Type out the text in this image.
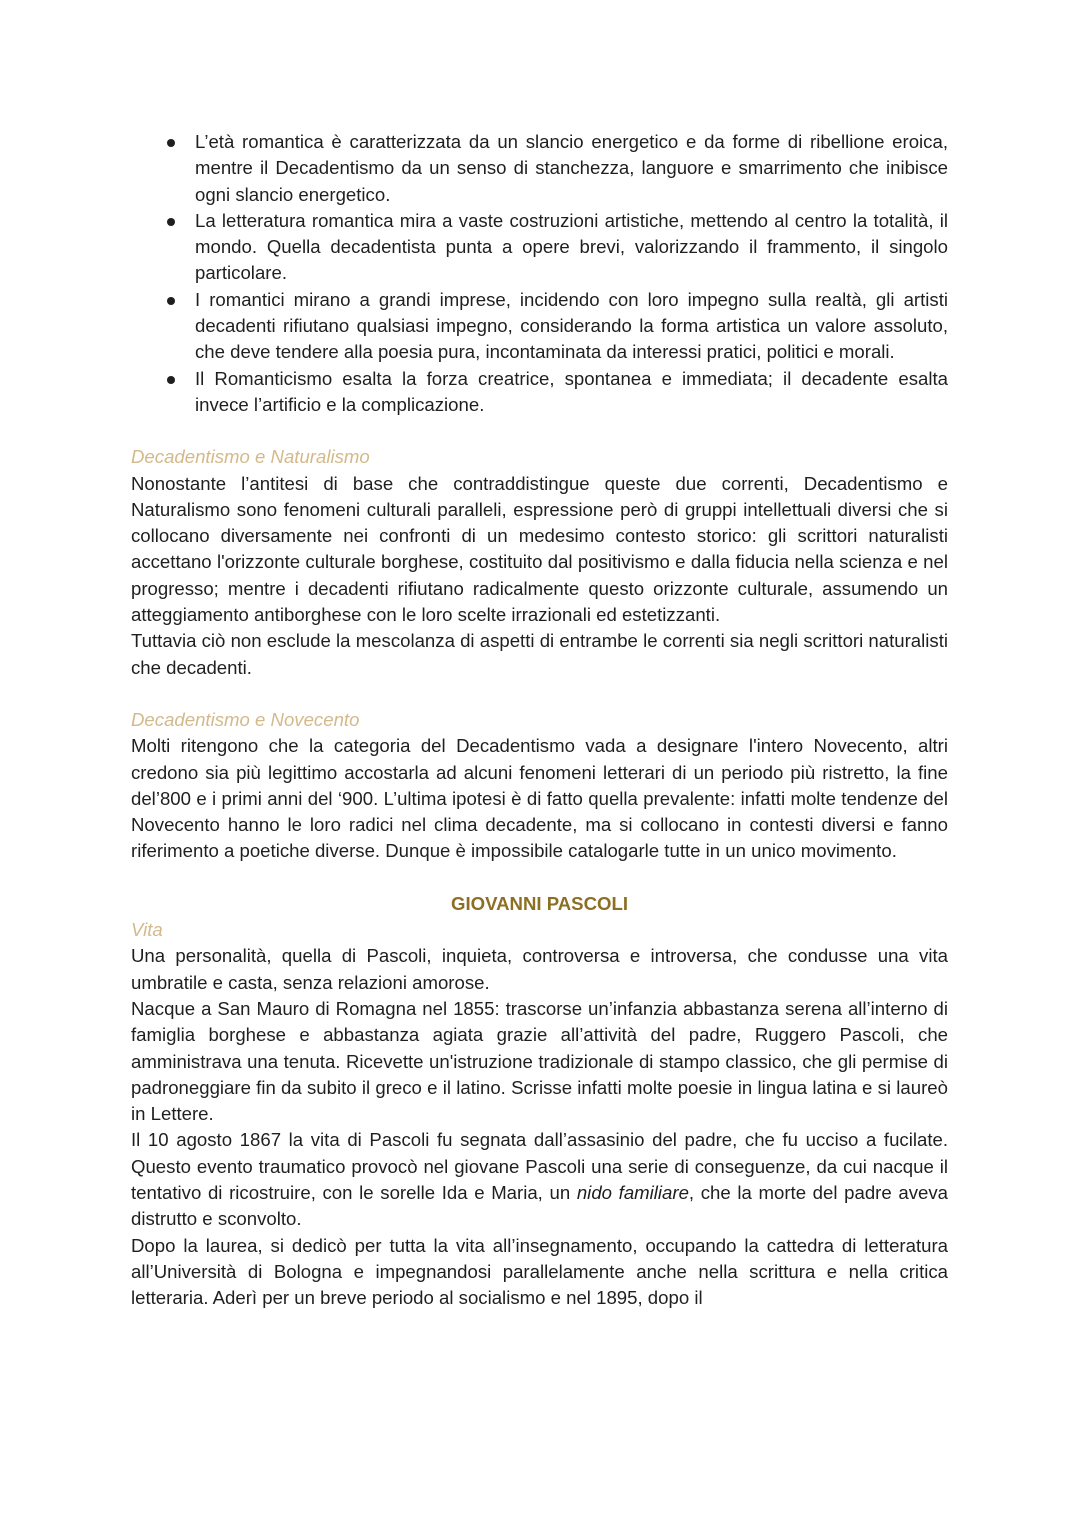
L’età romantica è caratterizzata da un slancio energetico e da forme di ribellione eroica, mentre il Decadentismo da un senso di stanchezza, languore e smarrimento che inibisce ogni slancio energetico.
La letteratura romantica mira a vaste costruzioni artistiche, mettendo al centro la totalità, il mondo. Quella decadentista punta a opere brevi, valorizzando il frammento, il singolo particolare.
I romantici mirano a grandi imprese, incidendo con loro impegno sulla realtà, gli artisti decadenti rifiutano qualsiasi impegno, considerando la forma artistica un valore assoluto, che deve tendere alla poesia pura, incontaminata da interessi pratici, politici e morali.
Il Romanticismo esalta la forza creatrice, spontanea e immediata; il decadente esalta invece l’artificio e la complicazione.

Decadentismo e Naturalismo

Nonostante l’antitesi di base che contraddistingue queste due correnti, Decadentismo e Naturalismo sono fenomeni culturali paralleli, espressione però di gruppi intellettuali diversi che si collocano diversamente nei confronti di un medesimo contesto storico: gli scrittori naturalisti accettano l'orizzonte culturale borghese, costituito dal positivismo e dalla fiducia nella scienza e nel progresso; mentre i decadenti rifiutano radicalmente questo orizzonte culturale, assumendo un atteggiamento antiborghese con le loro scelte irrazionali ed estetizzanti.

Tuttavia ciò non esclude la mescolanza di aspetti di entrambe le correnti sia negli scrittori naturalisti che decadenti.

Decadentismo e Novecento

Molti ritengono che la categoria del Decadentismo vada a designare l'intero Novecento, altri credono sia più legittimo accostarla ad alcuni fenomeni letterari di un periodo più ristretto, la fine del’800 e i primi anni del ‘900. L’ultima ipotesi è di fatto quella prevalente: infatti molte tendenze del Novecento hanno le loro radici nel clima decadente, ma si collocano in contesti diversi e fanno riferimento a poetiche diverse. Dunque è impossibile catalogarle tutte in un unico movimento.

GIOVANNI PASCOLI

Vita

Una personalità, quella di Pascoli, inquieta, controversa e introversa, che condusse una vita umbratile e casta, senza relazioni amorose.

Nacque a San Mauro di Romagna nel 1855: trascorse un’infanzia abbastanza serena all’interno di famiglia borghese e abbastanza agiata grazie all’attività del padre, Ruggero Pascoli, che amministrava una tenuta. Ricevette un'istruzione tradizionale di stampo classico, che gli permise di padroneggiare fin da subito il greco e il latino. Scrisse infatti molte poesie in lingua latina e si laureò in Lettere.

Il 10 agosto 1867 la vita di Pascoli fu segnata dall’assasinio del padre, che fu ucciso a fucilate. Questo evento traumatico provocò nel giovane Pascoli una serie di conseguenze, da cui nacque il tentativo di ricostruire, con le sorelle Ida e Maria, un nido familiare, che la morte del padre aveva distrutto e sconvolto.

Dopo la laurea, si dedicò per tutta la vita all’insegnamento, occupando la cattedra di letteratura all’Università di Bologna e impegnandosi parallelamente anche nella scrittura e nella critica letteraria. Aderì per un breve periodo al socialismo e nel 1895, dopo il
